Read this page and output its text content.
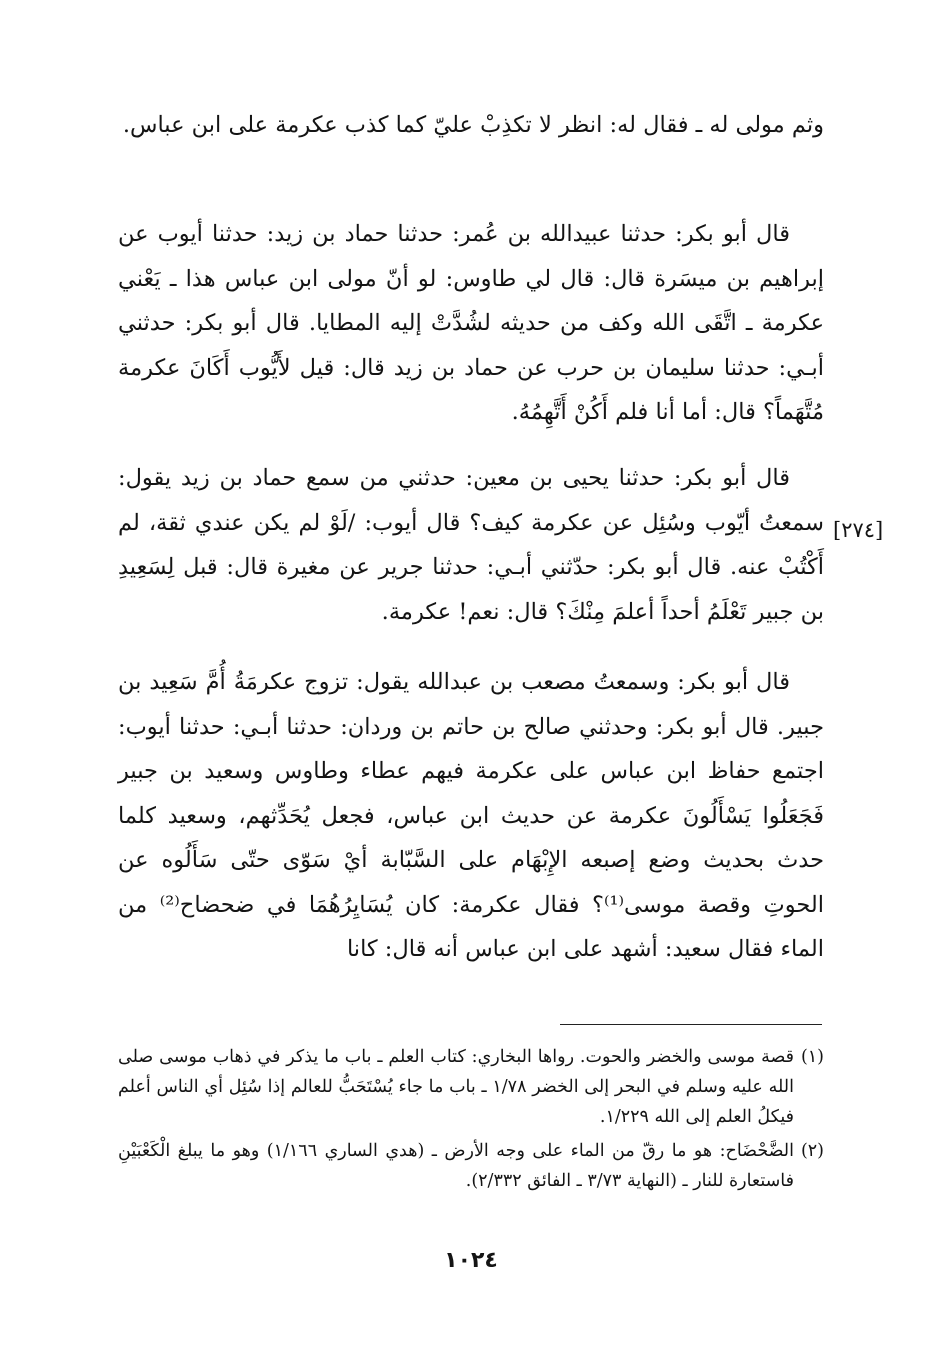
وثم مولى له ـ فقال له: انظر لا تكذِبْ عليّ كما كذب عكرمة على ابن عباس.

قال أبو بكر: حدثنا عبيدالله بن عُمر: حدثنا حماد بن زيد: حدثنا أيوب عن إبراهيم بن ميسَرة قال: قال لي طاوس: لو أنّ مولى ابن عباس هذا ـ يَعْني عكرمة ـ اتَّقَى الله وكف من حديثه لشُدَّتْ إليه المطايا. قال أبو بكر: حدثني أبـي: حدثنا سليمان بن حرب عن حماد بن زيد قال: قيل لأَيُّوب أَكَانَ عكرمة مُتَّهَماً؟ قال: أما أنا فلم أَكُنْ أَتَّهِمُهُ.

قال أبو بكر: حدثنا يحيى بن معين: حدثني من سمع حماد بن زيد يقول: سمعتُ أيّوب وسُئِل عن عكرمة كيف؟ قال أيوب: /لَوْ لم يكن عندي ثقة، لم أَكْتُبْ عنه. قال أبو بكر: حدّثني أبـي: حدثنا جرير عن مغيرة قال: قبل لِسَعِيدِ بن جبير تَعْلَمُ أحداً أعلمَ مِنْكَ؟ قال: نعم! عكرمة.

[٢٧٤]

قال أبو بكر: وسمعتُ مصعب بن عبدالله يقول: تزوج عكرمَةُ أُمَّ سَعِيد بن جبير. قال أبو بكر: وحدثني صالح بن حاتم بن وردان: حدثنا أبـي: حدثنا أيوب: اجتمع حفاظ ابن عباس على عكرمة فيهم عطاء وطاوس وسعيد بن جبير فَجَعَلُوا يَسْأَلُونَ عكرمة عن حديث ابن عباس، فجعل يُحَدِّثهم، وسعيد كلما حدث بحديث وضع إصبعه الإِبْهَام على السَّبّابة أيْ سَوّى حتّى سَأَلُوه عن الحوتِ وقصة موسى⁽¹⁾؟ فقال عكرمة: كان يُسَايِرُهُمَا في ضحضاح⁽²⁾ من الماء فقال سعيد: أشهد على ابن عباس أنه قال: كانا

(١)
قصة موسى والخضر والحوت. رواها البخاري: كتاب العلم ـ باب ما يذكر في ذهاب موسى صلى الله عليه وسلم في البحر إلى الخضر ١/٧٨ ـ باب ما جاء يُسْتَحَبُّ للعالم إذا سُئِل أي الناس أعلم فيكلُ العلم إلى الله ١/٢٢٩.

(٢)
الضَّحْضَاح: هو ما رقّ من الماء على وجه الأرض ـ (هدي الساري ١/١٦٦) وهو ما يبلغ الْكَعْبَيْنِ فاستعارة للنار ـ (النهاية ٣/٧٣ ـ الفائق ٢/٣٣٢).

١٠٢٤
